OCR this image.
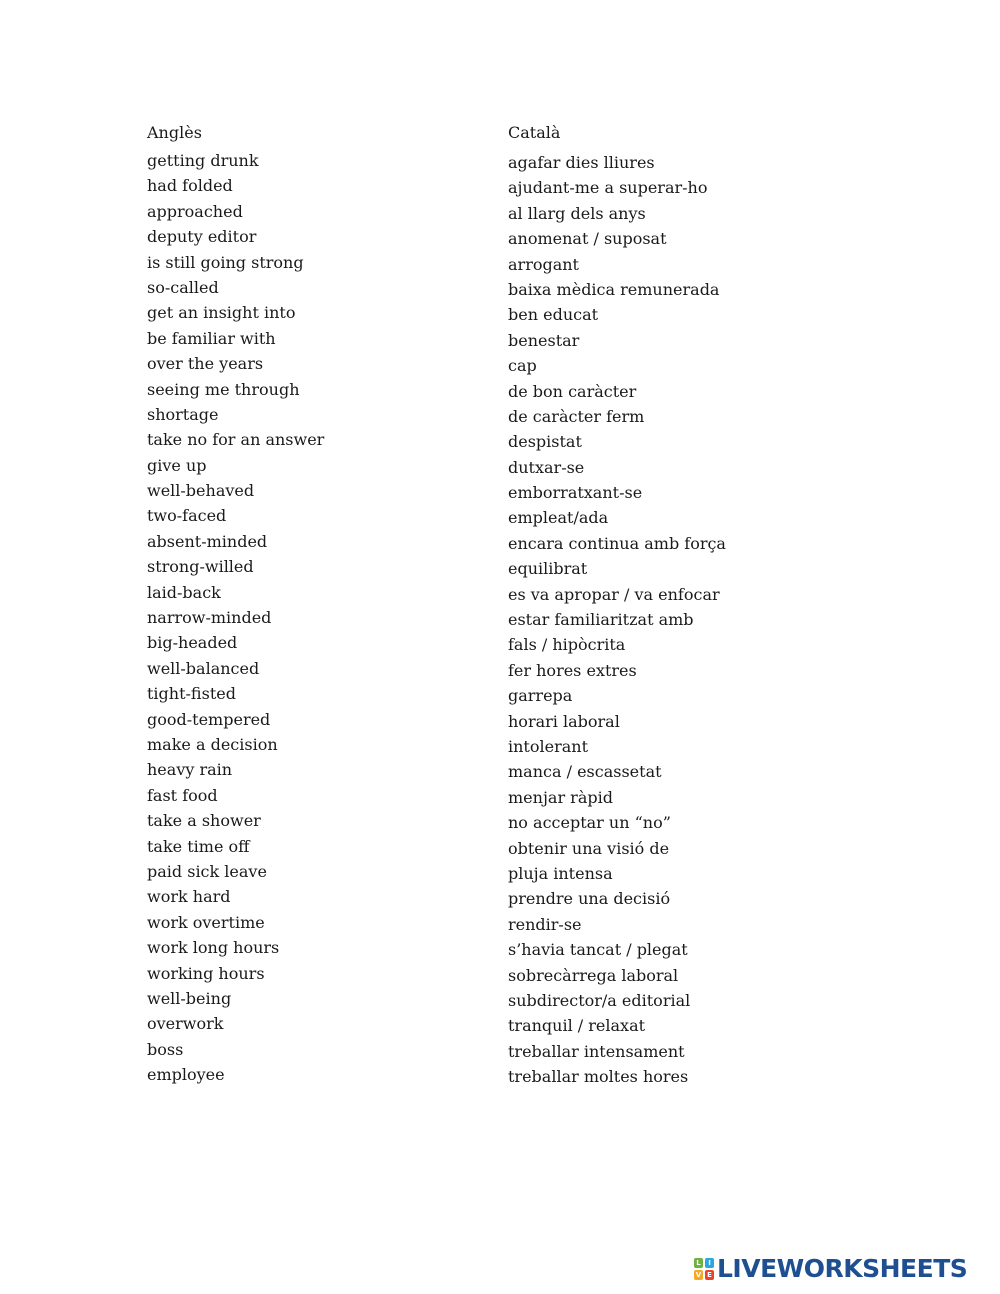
Anglès
getting drunk
had folded
approached
deputy editor
is still going strong
so-called
get an insight into
be familiar with
over the years
seeing me through
shortage
take no for an answer
give up
well-behaved
two-faced
absent-minded
strong-willed
laid-back
narrow-minded
big-headed
well-balanced
tight-fisted
good-tempered
make a decision
heavy rain
fast food
take a shower
take time off
paid sick leave
work hard
work overtime
work long hours
working hours
well-being
overwork
boss
employee
Català
agafar dies lliures
ajudant-me a superar-ho
al llarg dels anys
anomenat / suposat
arrogant
baixa mèdica remunerada
ben educat
benestar
cap
de bon caràcter
de caràcter ferm
despistat
dutxar-se
emborratxant-se
empleat/ada
encara continua amb força
equilibrat
es va apropar / va enfocar
estar familiaritzat amb
fals / hipòcrita
fer hores extres
garrepa
horari laboral
intolerant
manca / escassetat
menjar ràpid
no acceptar un “no”
obtenir una visió de
pluja intensa
prendre una decisió
rendir-se
s’havia tancat / plegat
sobrecàrrega laboral
subdirector/a editorial
tranquil / relaxat
treballar intensament
treballar moltes hores
L	I
V E LIVEWORKSHEETS
